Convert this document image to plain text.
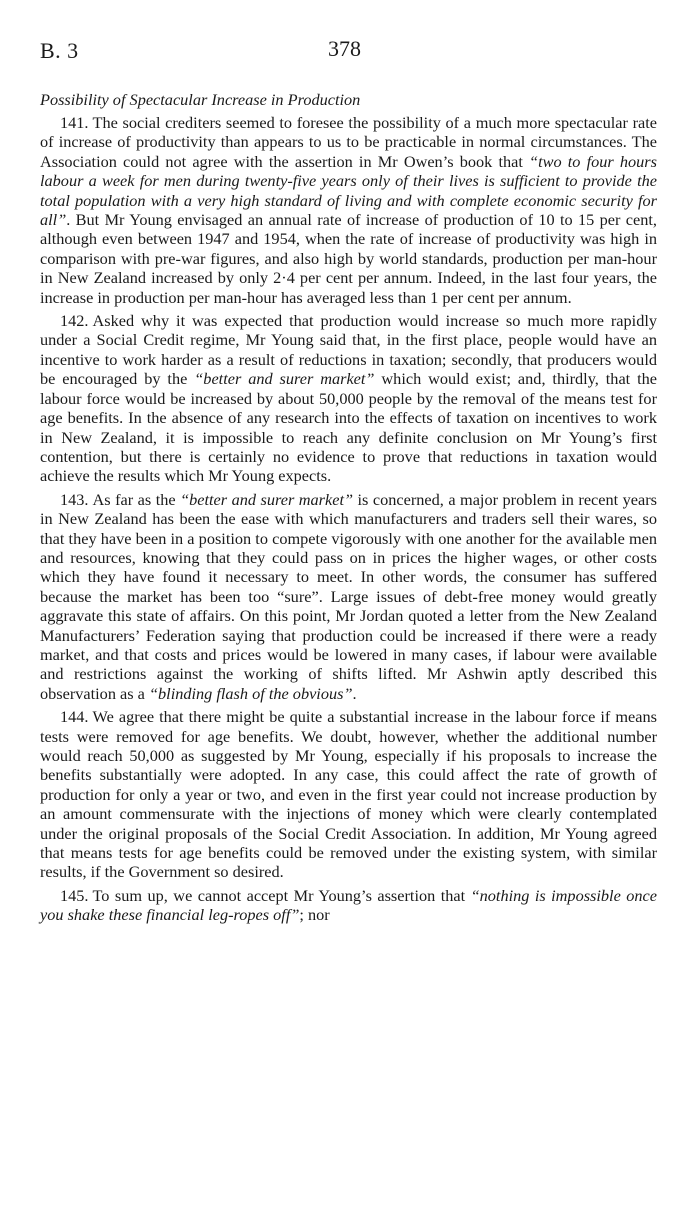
B. 3	378
Possibility of Spectacular Increase in Production

141. The social crediters seemed to foresee the possibility of a much more spectacular rate of increase of productivity than appears to us to be practicable in normal circumstances. The Association could not agree with the assertion in Mr Owen’s book that “two to four hours labour a week for men during twenty-five years only of their lives is sufficient to provide the total population with a very high standard of living and with complete economic security for all”. But Mr Young envisaged an annual rate of increase of production of 10 to 15 per cent, although even between 1947 and 1954, when the rate of increase of productivity was high in comparison with pre-war figures, and also high by world standards, production per man-hour in New Zealand increased by only 2·4 per cent per annum. Indeed, in the last four years, the increase in production per man-hour has averaged less than 1 per cent per annum.

142. Asked why it was expected that production would increase so much more rapidly under a Social Credit regime, Mr Young said that, in the first place, people would have an incentive to work harder as a result of reductions in taxation; secondly, that producers would be encouraged by the “better and surer market” which would exist; and, thirdly, that the labour force would be increased by about 50,000 people by the removal of the means test for age benefits. In the absence of any research into the effects of taxation on incentives to work in New Zealand, it is impossible to reach any definite conclusion on Mr Young’s first contention, but there is certainly no evidence to prove that reductions in taxation would achieve the results which Mr Young expects.

143. As far as the “better and surer market” is concerned, a major problem in recent years in New Zealand has been the ease with which manufacturers and traders sell their wares, so that they have been in a position to compete vigorously with one another for the available men and resources, knowing that they could pass on in prices the higher wages, or other costs which they have found it necessary to meet. In other words, the consumer has suffered because the market has been too “sure”. Large issues of debt-free money would greatly aggravate this state of affairs. On this point, Mr Jordan quoted a letter from the New Zealand Manufacturers’ Federation saying that production could be increased if there were a ready market, and that costs and prices would be lowered in many cases, if labour were available and restrictions against the working of shifts lifted. Mr Ashwin aptly described this observation as a “blinding flash of the obvious”.

144. We agree that there might be quite a substantial increase in the labour force if means tests were removed for age benefits. We doubt, however, whether the additional number would reach 50,000 as suggested by Mr Young, especially if his proposals to increase the benefits substantially were adopted. In any case, this could affect the rate of growth of production for only a year or two, and even in the first year could not increase production by an amount commensurate with the injections of money which were clearly contemplated under the original proposals of the Social Credit Association. In addition, Mr Young agreed that means tests for age benefits could be removed under the existing system, with similar results, if the Government so desired.

145. To sum up, we cannot accept Mr Young’s assertion that “nothing is impossible once you shake these financial leg-ropes off”; nor
